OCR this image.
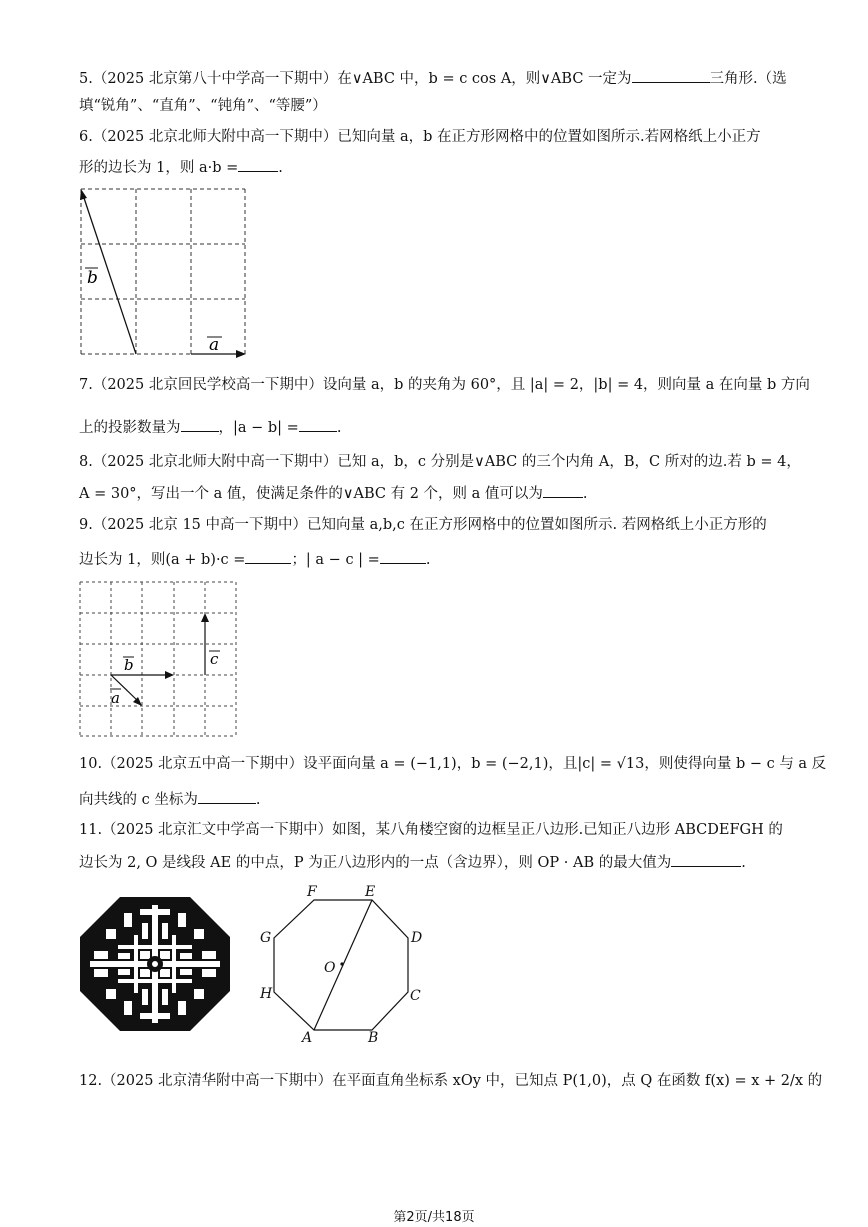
5.（2025 北京第八十中学高一下期中）在∨ABC 中，b = c cos A，则∨ABC 一定为	三角形.（选
填“锐角”、“直角”、“钝角”、“等腰”）
6.（2025 北京北师大附中高一下期中）已知向量 a，b 在正方形网格中的位置如图所示.若网格纸上小正方
形的边长为 1，则 a·b =	.
b
a
7.（2025 北京回民学校高一下期中）设向量 a，b 的夹角为 60°，且 |a| = 2，|b| = 4，则向量 a 在向量 b 方向
上的投影数量为	，|a − b| =	.
8.（2025 北京北师大附中高一下期中）已知 a，b，c 分别是∨ABC 的三个内角 A，B，C 所对的边.若 b = 4，
A = 30°，写出一个 a 值，使满足条件的∨ABC 有 2 个，则 a 值可以为	.
9.（2025 北京 15 中高一下期中）已知向量 a,b,c 在正方形网格中的位置如图所示. 若网格纸上小正方形的
边长为 1，则(a + b)·c =	；| a − c | =	.
b
a
c
10.（2025 北京五中高一下期中）设平面向量 a = (−1,1)，b = (−2,1)，且|c| = √13，则使得向量 b − c 与 a 反
向共线的 c 坐标为	.
11.（2025 北京汇文中学高一下期中）如图，某八角楼空窗的边框呈正八边形.已知正八边形 ABCDEFGH 的
边长为 2, O 是线段 AE 的中点，P 为正八边形内的一点（含边界），则 OP · AB 的最大值为	.
A	B
C
D
E
F
G
H
O
12.（2025 北京清华附中高一下期中）在平面直角坐标系 xOy 中，已知点 P(1,0)，点 Q 在函数 f(x) = x + 2/x 的
第2页/共18页
